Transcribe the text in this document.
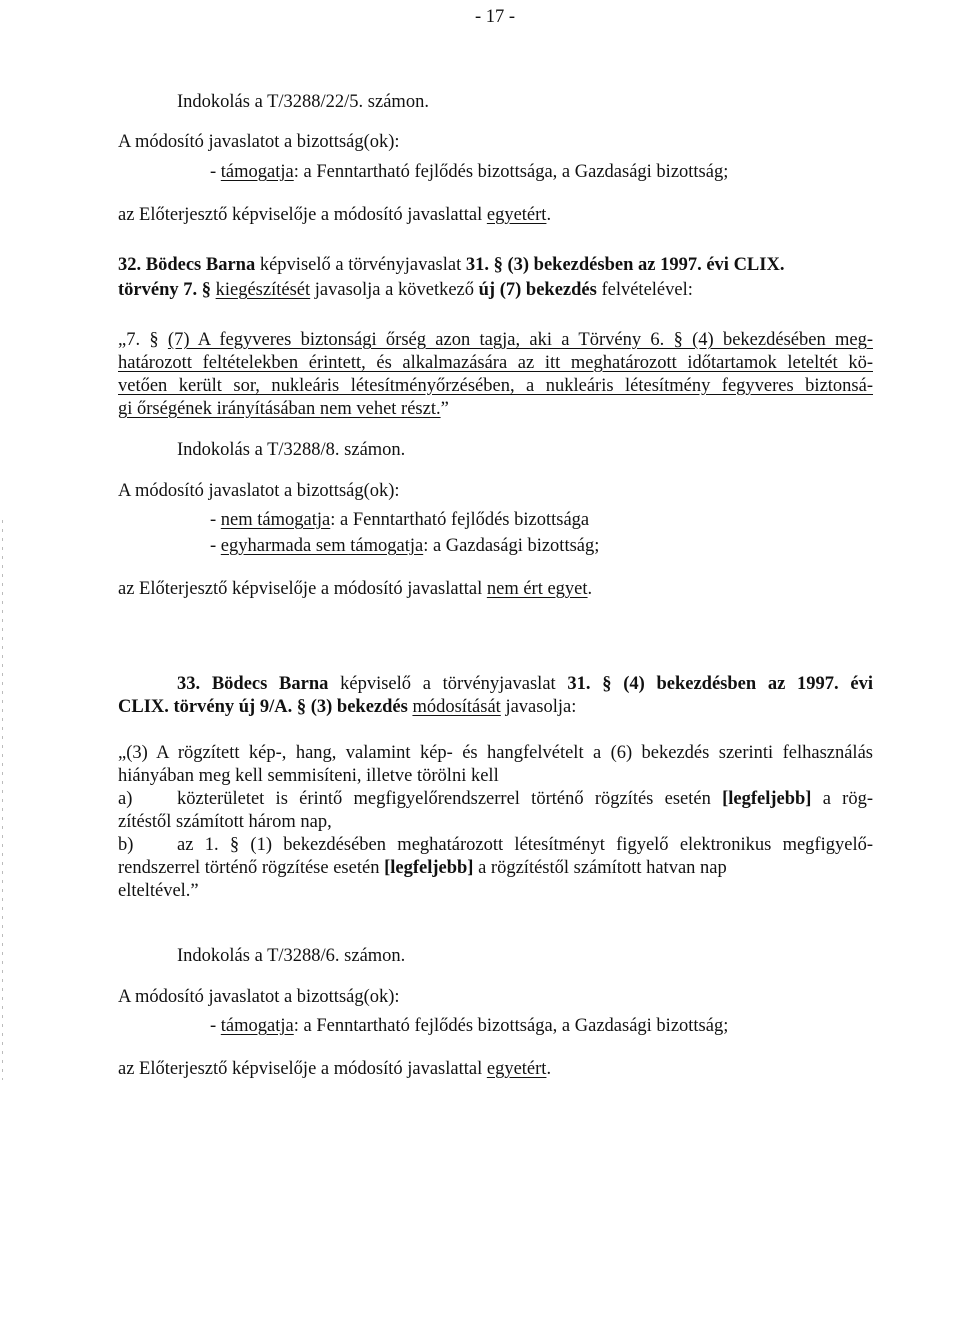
- 17 -
Indokolás a T/3288/22/5. számon.
A módosító javaslatot a bizottság(ok):
- támogatja: a Fenntartható fejlődés bizottsága, a Gazdasági bizottság;
az Előterjesztő képviselője a módosító javaslattal egyetért.
32. Bödecs Barna képviselő a törvényjavaslat 31. § (3) bekezdésben az 1997. évi CLIX.
törvény 7. § kiegészítését javasolja a következő új (7) bekezdés felvételével:
„7. § (7) A fegyveres biztonsági őrség azon tagja, aki a Törvény 6. § (4) bekezdésében meg-
határozott feltételekben érintett, és alkalmazására az itt meghatározott időtartamok leteltét kö-
vetően került sor, nukleáris létesítményőrzésében, a nukleáris létesítmény fegyveres biztonsá-
gi őrségének irányításában nem vehet részt.”
Indokolás a T/3288/8. számon.
A módosító javaslatot a bizottság(ok):
- nem támogatja: a Fenntartható fejlődés bizottsága
- egyharmada sem támogatja: a Gazdasági bizottság;
az Előterjesztő képviselője a módosító javaslattal nem ért egyet.
33. Bödecs Barna képviselő a törvényjavaslat 31. § (4) bekezdésben az 1997. évi
CLIX. törvény új 9/A. § (3) bekezdés módosítását javasolja:
„(3) A rögzített kép-, hang, valamint kép- és hangfelvételt a (6) bekezdés szerinti felhasználás
hiányában meg kell semmisíteni, illetve törölni kell
a) közterületet is érintő megfigyelőrendszerrel történő rögzítés esetén [legfeljebb] a rög-
zítéstől számított három nap,
b) az 1. § (1) bekezdésében meghatározott létesítményt figyelő elektronikus megfigyelő-
rendszerrel történő rögzítése esetén [legfeljebb] a rögzítéstől számított hatvan nap
elteltével.”
Indokolás a T/3288/6. számon.
A módosító javaslatot a bizottság(ok):
- támogatja: a Fenntartható fejlődés bizottsága, a Gazdasági bizottság;
az Előterjesztő képviselője a módosító javaslattal egyetért.
